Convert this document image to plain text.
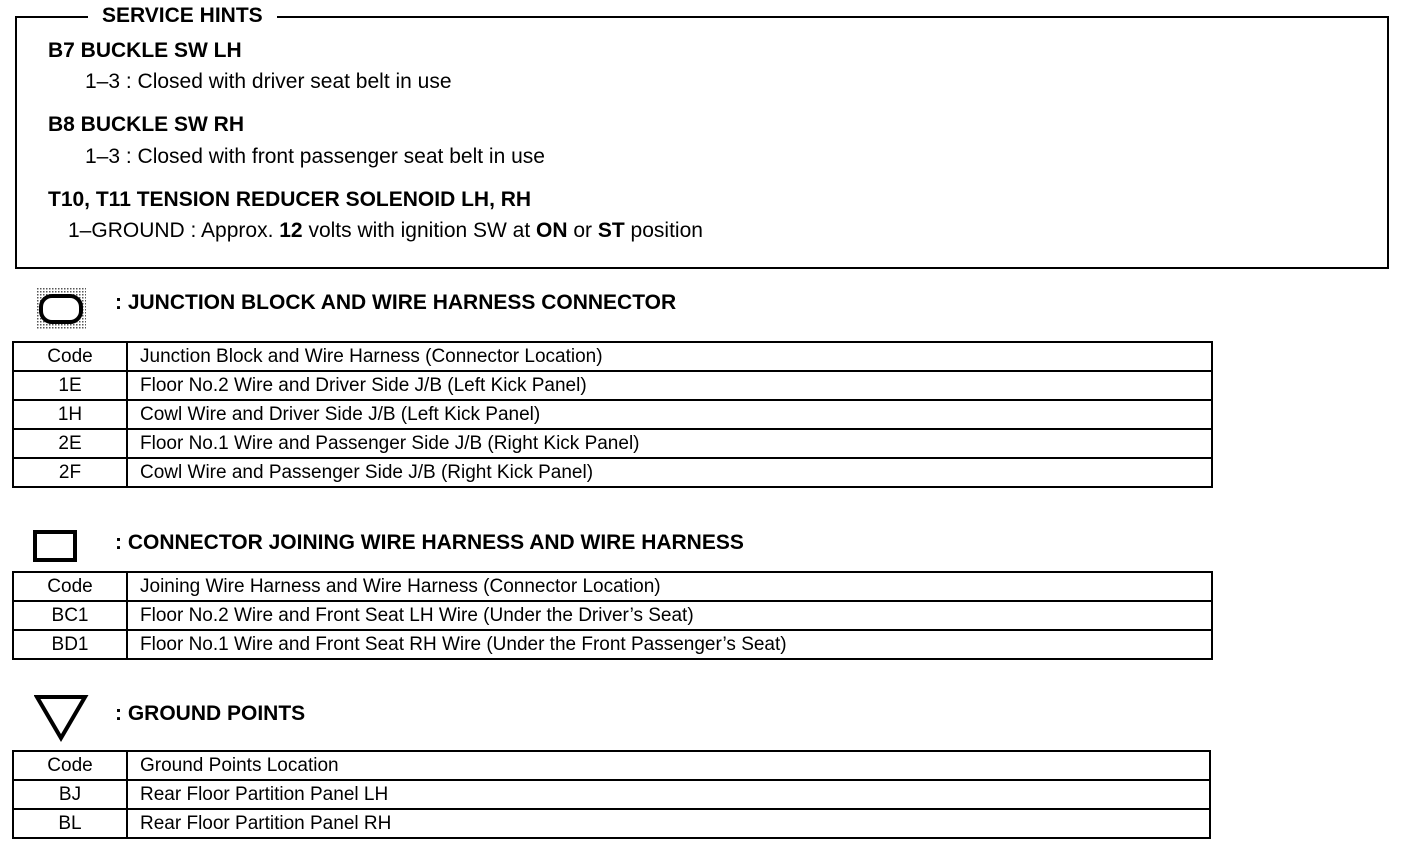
SERVICE HINTS
B7 BUCKLE SW LH
1–3 : Closed with driver seat belt in use
B8 BUCKLE SW RH
1–3 : Closed with front passenger seat belt in use
T10, T11 TENSION REDUCER SOLENOID LH, RH
1–GROUND : Approx. 12 volts with ignition SW at ON or ST position
: JUNCTION BLOCK AND WIRE HARNESS CONNECTOR
Code	Junction Block and Wire Harness (Connector Location)
1E	Floor No.2 Wire and Driver Side J/B (Left Kick Panel)
1H	Cowl Wire and Driver Side J/B (Left Kick Panel)
2E	Floor No.1 Wire and Passenger Side J/B (Right Kick Panel)
2F	Cowl Wire and Passenger Side J/B (Right Kick Panel)
: CONNECTOR JOINING WIRE HARNESS AND WIRE HARNESS
Code	Joining Wire Harness and Wire Harness (Connector Location)
BC1	Floor No.2 Wire and Front Seat LH Wire (Under the Driver’s Seat)
BD1	Floor No.1 Wire and Front Seat RH Wire (Under the Front Passenger’s Seat)
: GROUND POINTS
Code	Ground Points Location
BJ	Rear Floor Partition Panel LH
BL	Rear Floor Partition Panel RH
